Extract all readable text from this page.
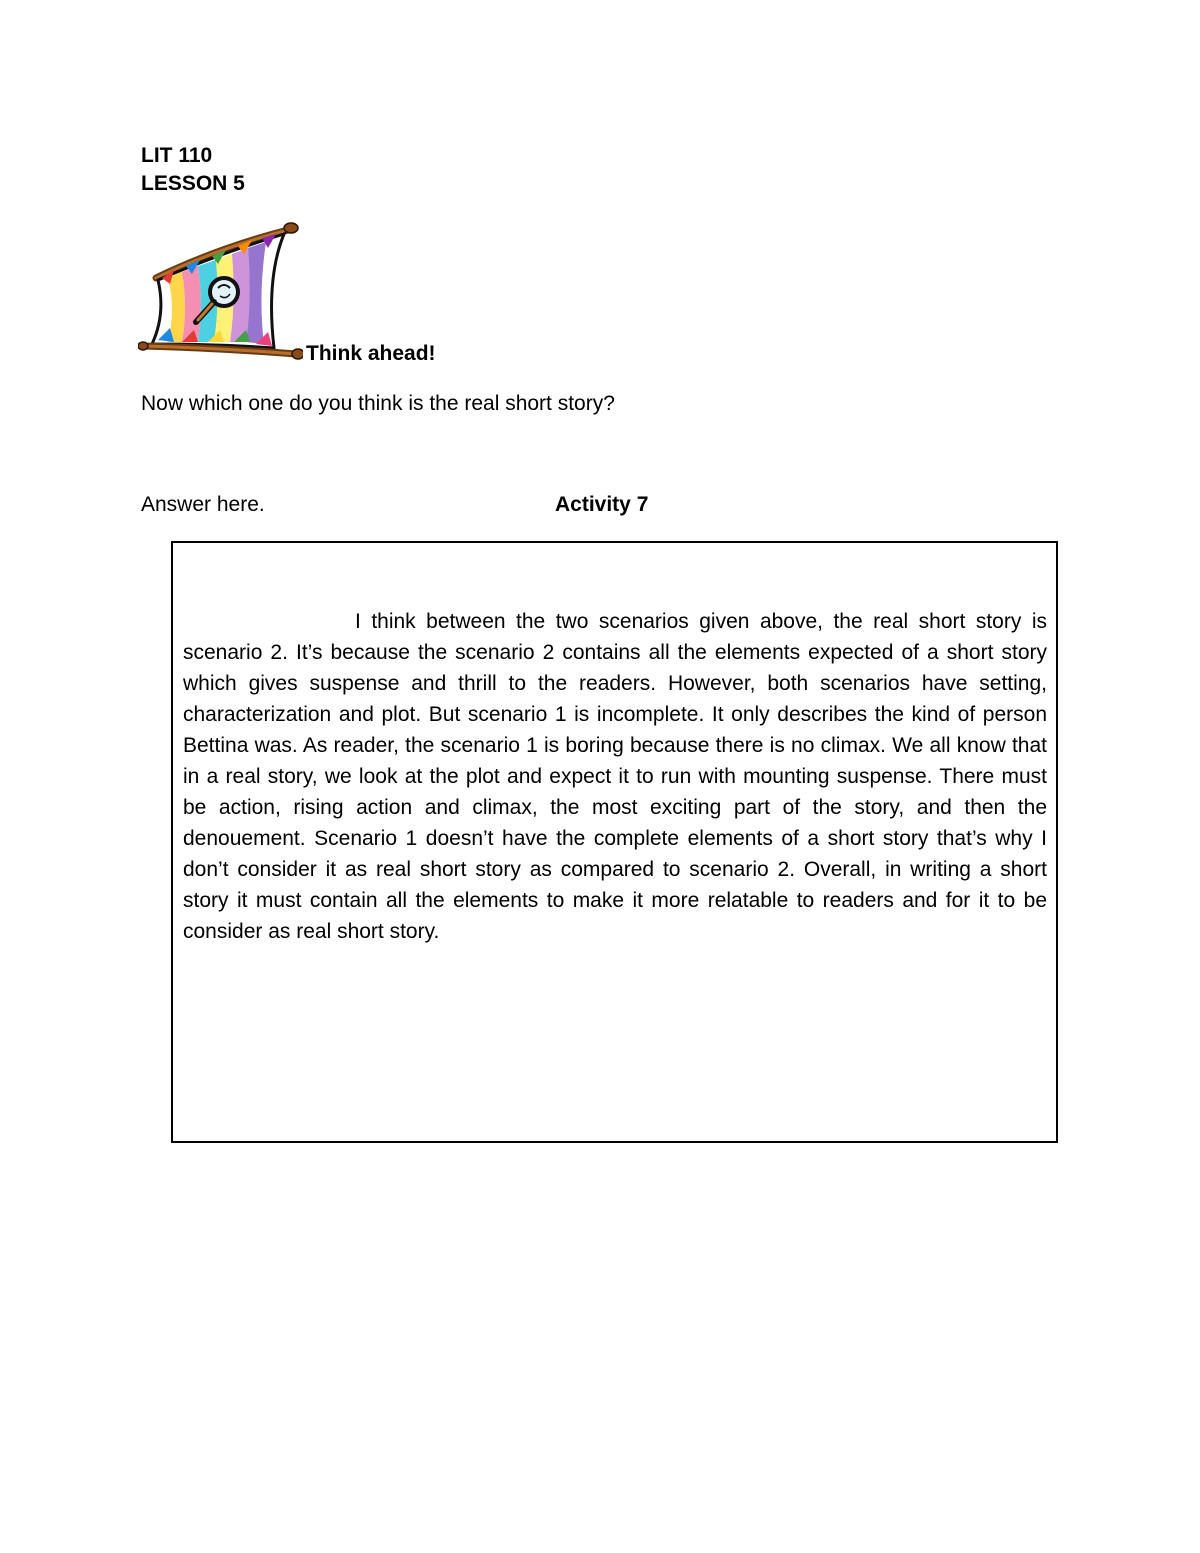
LIT 110
LESSON 5
Think ahead!
Now which one do you think is the real short story?
Answer here.	Activity 7

I think between the two scenarios given above, the real short story is scenario 2. It’s because the scenario 2 contains all the elements expected of a short story which gives suspense and thrill to the readers. However, both scenarios have setting, characterization and plot. But scenario 1 is incomplete. It only describes the kind of person Bettina was. As reader, the scenario 1 is boring because there is no climax. We all know that in a real story, we look at the plot and expect it to run with mounting suspense. There must be action, rising action and climax, the most exciting part of the story, and then the denouement. Scenario 1 doesn’t have the complete elements of a short story that’s why I don’t consider it as real short story as compared to scenario 2. Overall, in writing a short story it must contain all the elements to make it more relatable to readers and for it to be consider as real short story.
